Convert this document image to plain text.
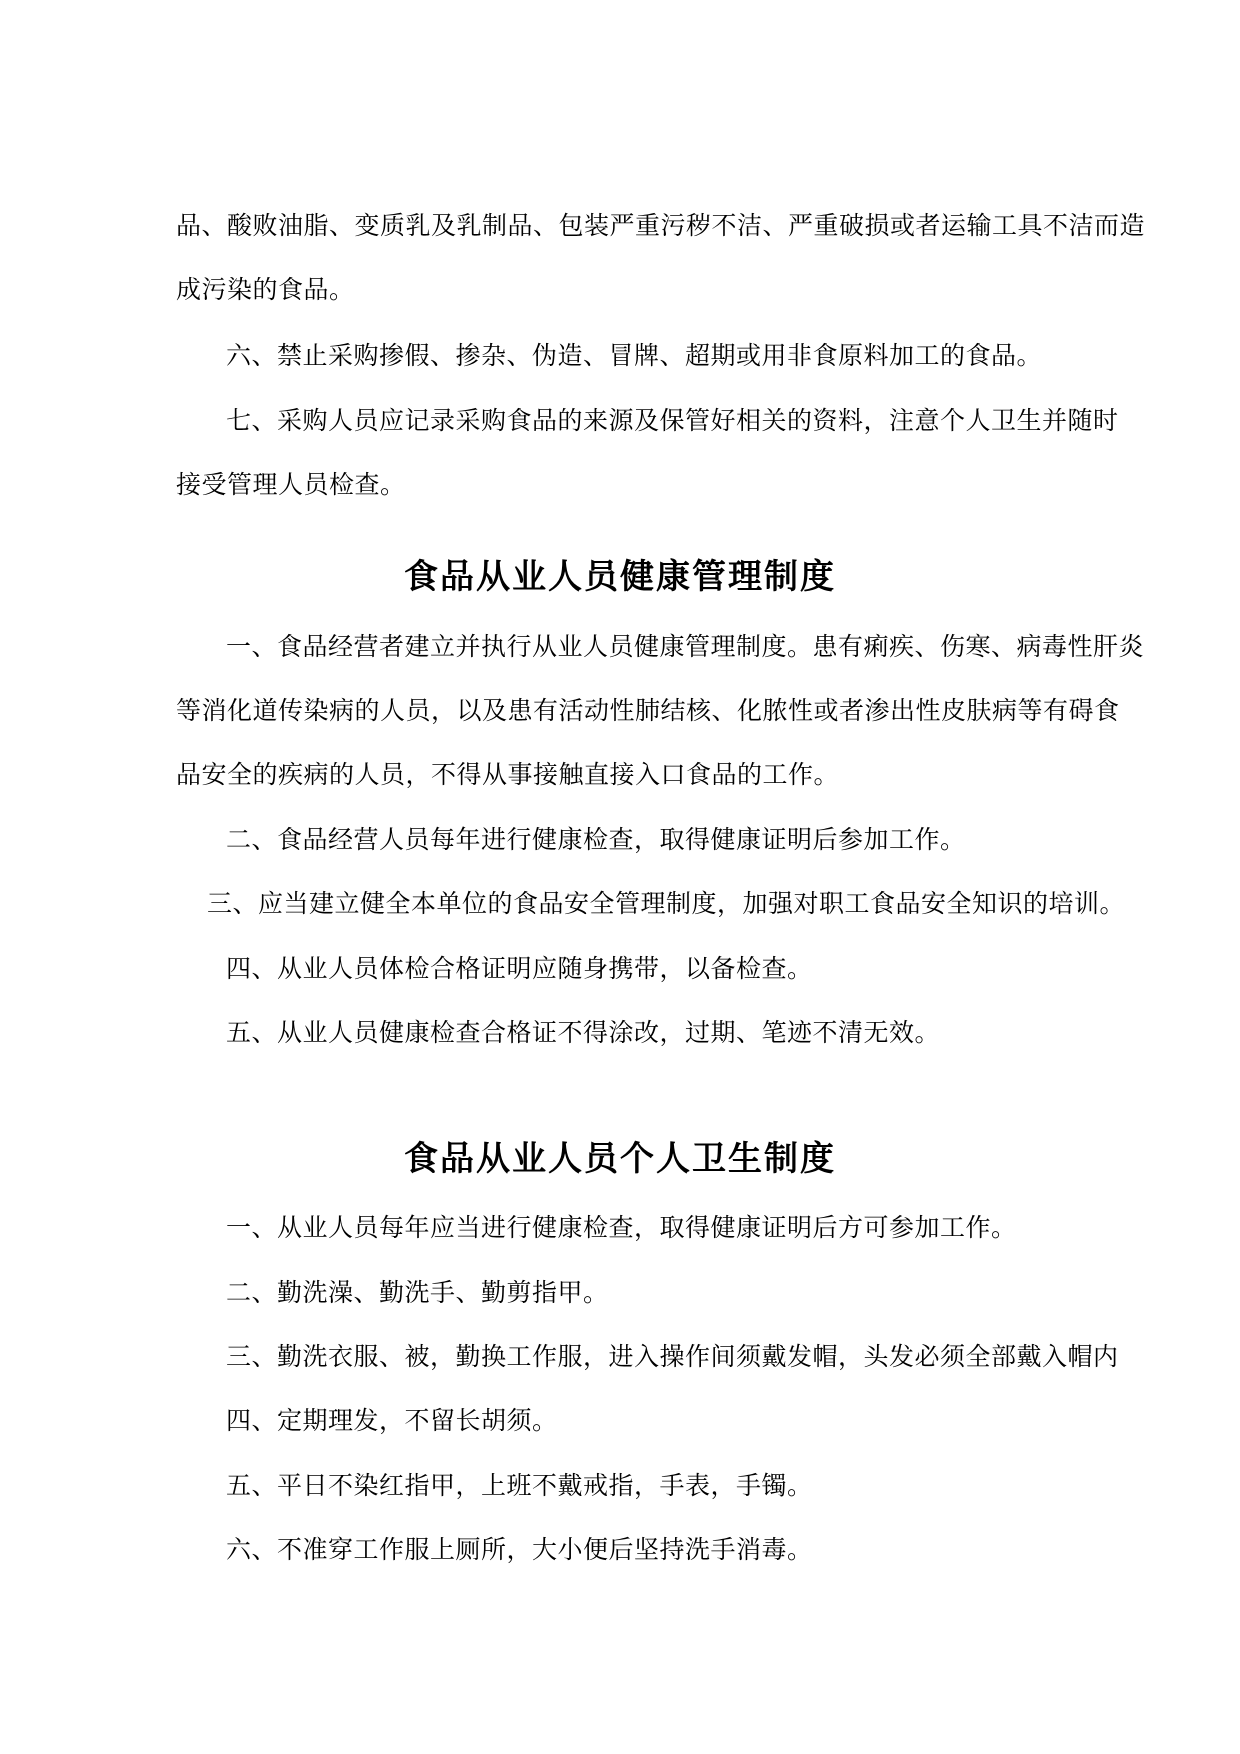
品、酸败油脂、变质乳及乳制品、包装严重污秽不洁、严重破损或者运输工具不洁而造
成污染的食品。
六、禁止采购掺假、掺杂、伪造、冒牌、超期或用非食原料加工的食品。
七、采购人员应记录采购食品的来源及保管好相关的资料，注意个人卫生并随时
接受管理人员检查。
食品从业人员健康管理制度
一、食品经营者建立并执行从业人员健康管理制度。患有痢疾、伤寒、病毒性肝炎
等消化道传染病的人员，以及患有活动性肺结核、化脓性或者渗出性皮肤病等有碍食
品安全的疾病的人员，不得从事接触直接入口食品的工作。
二、食品经营人员每年进行健康检查，取得健康证明后参加工作。
三、应当建立健全本单位的食品安全管理制度，加强对职工食品安全知识的培训。
四、从业人员体检合格证明应随身携带，以备检查。
五、从业人员健康检查合格证不得涂改，过期、笔迹不清无效。
食品从业人员个人卫生制度
一、从业人员每年应当进行健康检查，取得健康证明后方可参加工作。
二、勤洗澡、勤洗手、勤剪指甲。
三、勤洗衣服、被，勤换工作服，进入操作间须戴发帽，头发必须全部戴入帽内
四、定期理发，不留长胡须。
五、平日不染红指甲，上班不戴戒指，手表，手镯。
六、不准穿工作服上厕所，大小便后坚持洗手消毒。
